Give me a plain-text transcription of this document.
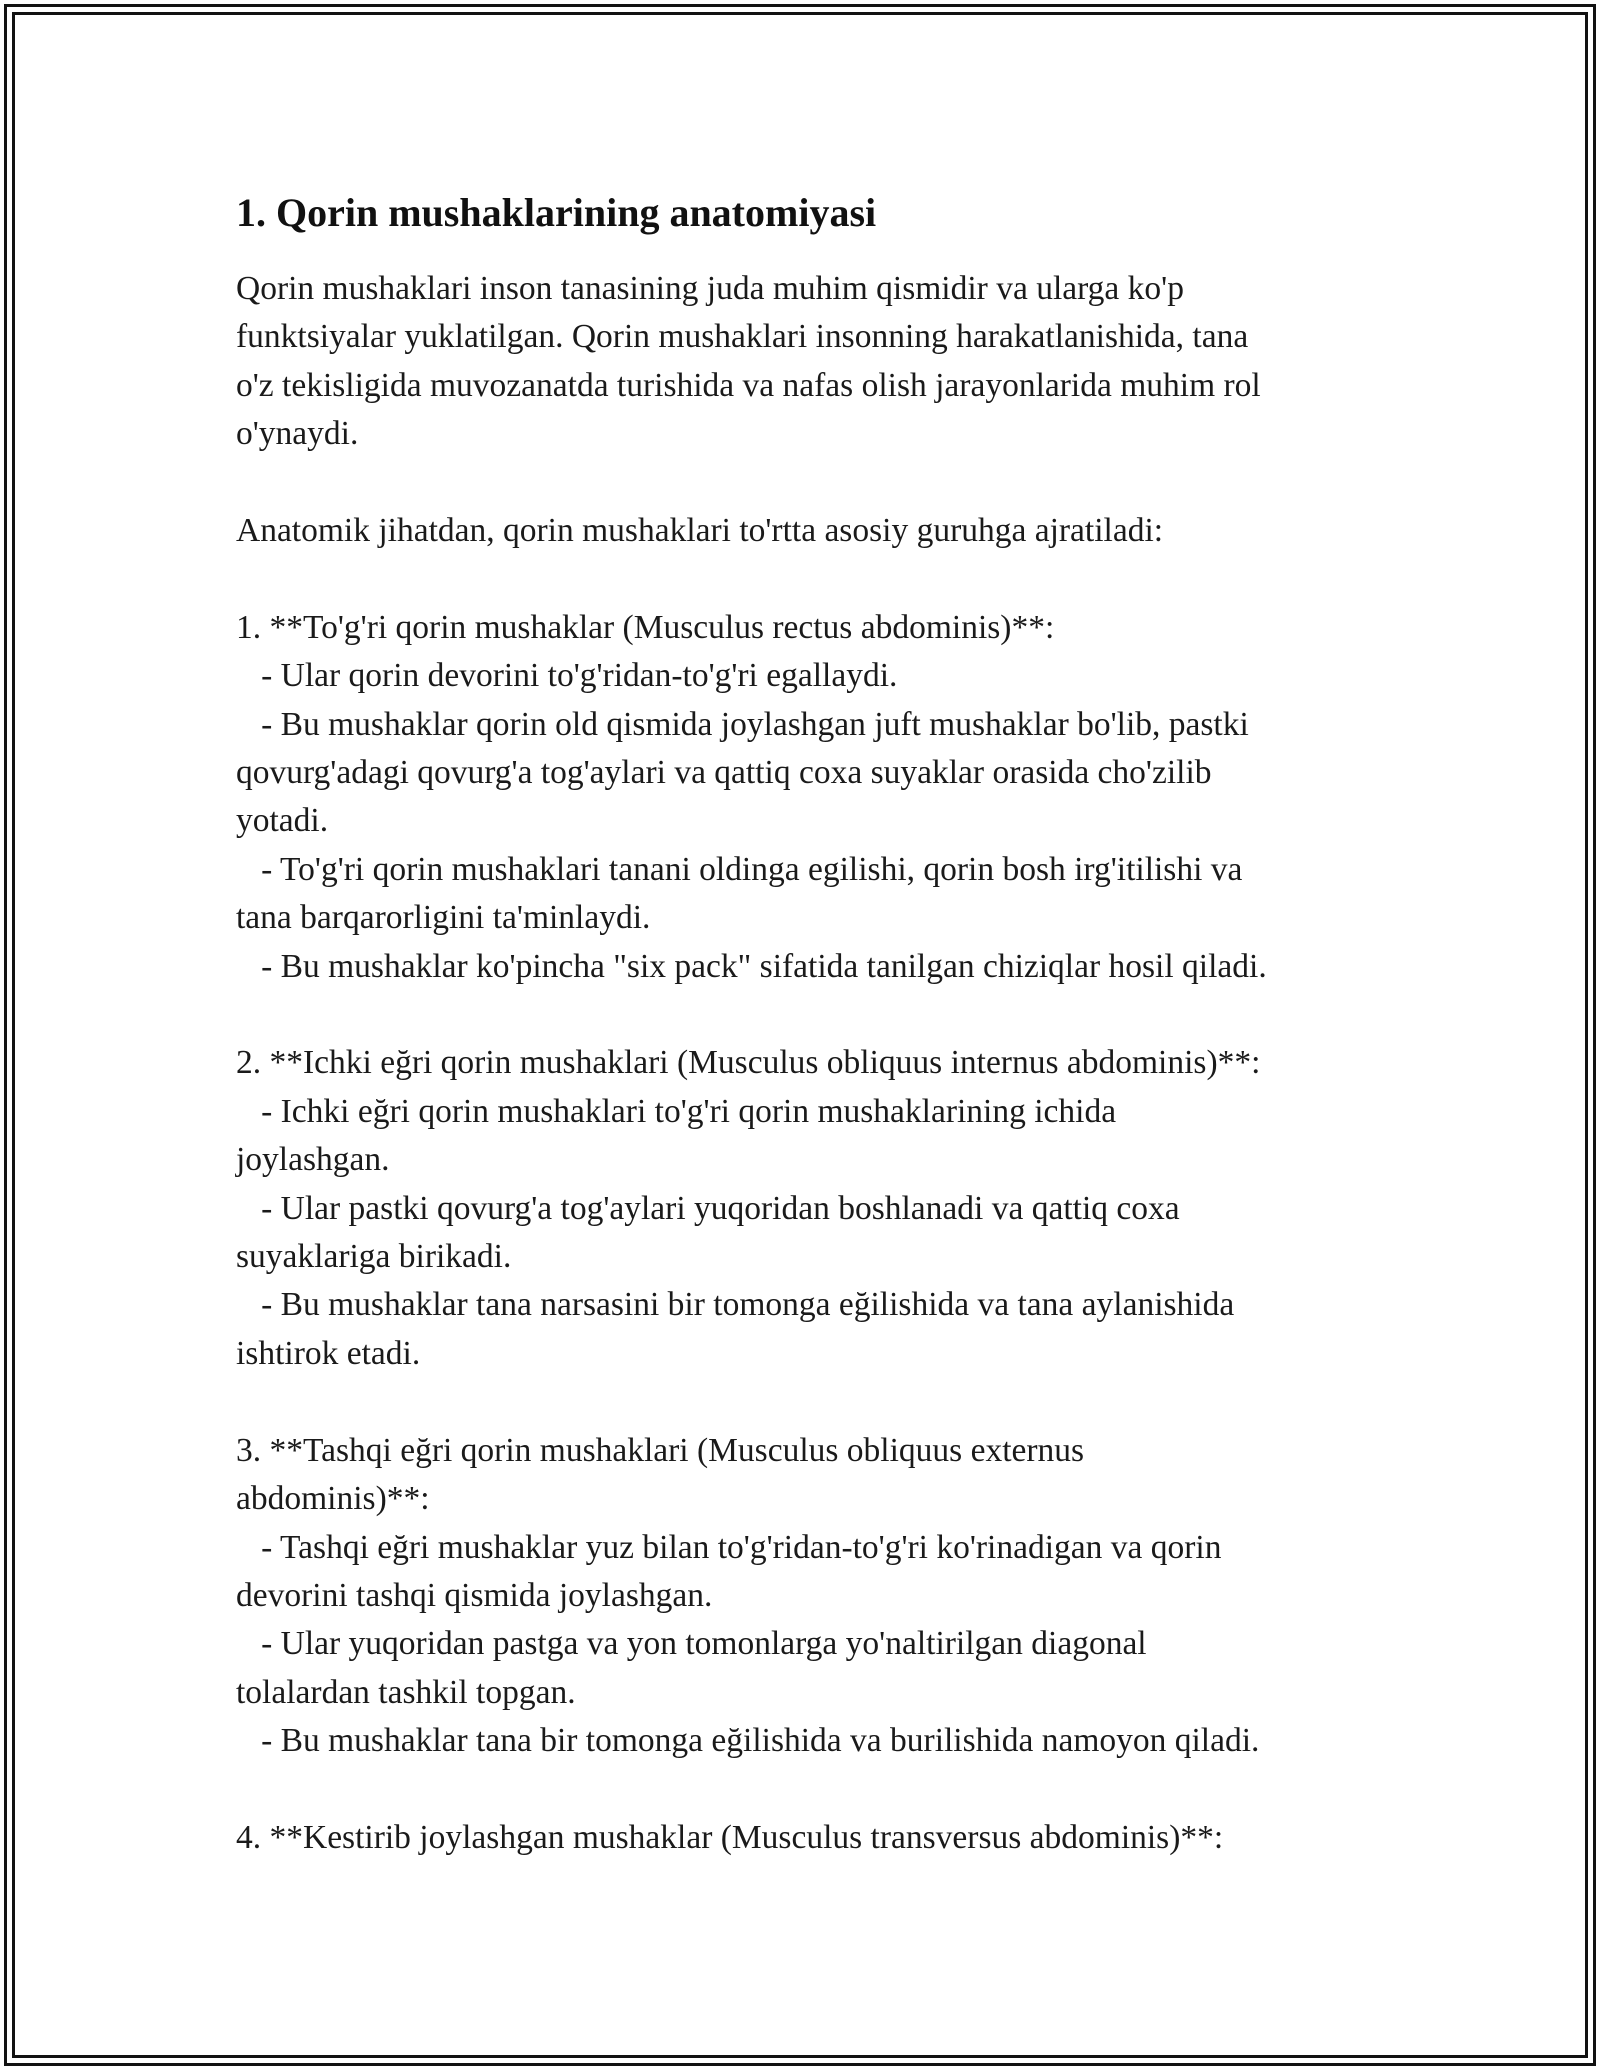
1. Qorin mushaklarining anatomiyasi
Qorin mushaklari inson tanasining juda muhim qismidir va ularga ko'p
funktsiyalar yuklatilgan. Qorin mushaklari insonning harakatlanishida, tana
o'z tekisligida muvozanatda turishida va nafas olish jarayonlarida muhim rol
o'ynaydi.
Anatomik jihatdan, qorin mushaklari to'rtta asosiy guruhga ajratiladi:
1. **To'g'ri qorin mushaklar (Musculus rectus abdominis)**:
- Ular qorin devorini to'g'ridan-to'g'ri egallaydi.
- Bu mushaklar qorin old qismida joylashgan juft mushaklar bo'lib, pastki
qovurg'adagi qovurg'a tog'aylari va qattiq coxa suyaklar orasida cho'zilib
yotadi.
- To'g'ri qorin mushaklari tanani oldinga egilishi, qorin bosh irg'itilishi va
tana barqarorligini ta'minlaydi.
- Bu mushaklar ko'pincha "six pack" sifatida tanilgan chiziqlar hosil qiladi.
2. **Ichki eğri qorin mushaklari (Musculus obliquus internus abdominis)**:
- Ichki eğri qorin mushaklari to'g'ri qorin mushaklarining ichida
joylashgan.
- Ular pastki qovurg'a tog'aylari yuqoridan boshlanadi va qattiq coxa
suyaklariga birikadi.
- Bu mushaklar tana narsasini bir tomonga eğilishida va tana aylanishida
ishtirok etadi.
3. **Tashqi eğri qorin mushaklari (Musculus obliquus externus
abdominis)**:
- Tashqi eğri mushaklar yuz bilan to'g'ridan-to'g'ri ko'rinadigan va qorin
devorini tashqi qismida joylashgan.
- Ular yuqoridan pastga va yon tomonlarga yo'naltirilgan diagonal
tolalardan tashkil topgan.
- Bu mushaklar tana bir tomonga eğilishida va burilishida namoyon qiladi.
4. **Kestirib joylashgan mushaklar (Musculus transversus abdominis)**:
